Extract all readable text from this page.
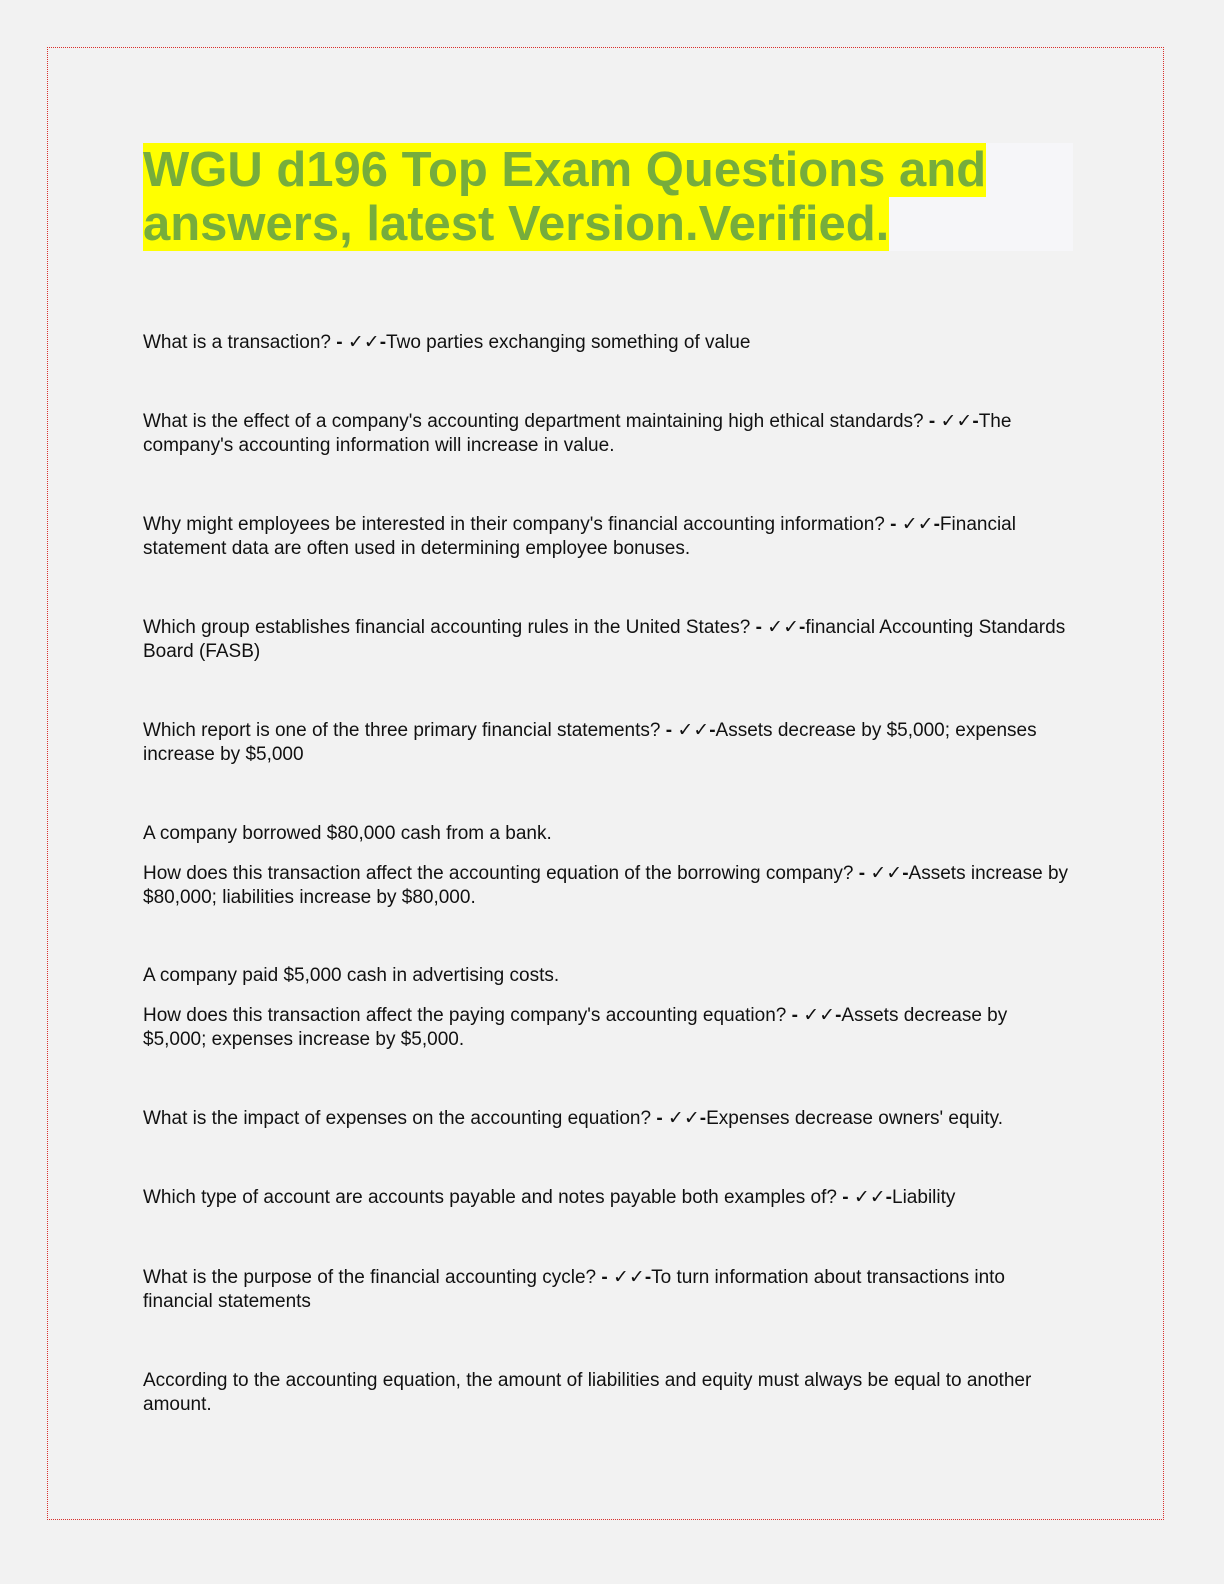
WGU d196 Top Exam Questions and
answers, latest Version.Verified.

What is a transaction? - ✓✓-Two parties exchanging something of value

What is the effect of a company's accounting department maintaining high ethical standards? - ✓✓-The company's accounting information will increase in value.

Why might employees be interested in their company's financial accounting information? - ✓✓-Financial statement data are often used in determining employee bonuses.

Which group establishes financial accounting rules in the United States? - ✓✓-financial Accounting Standards Board (FASB)

Which report is one of the three primary financial statements? - ✓✓-Assets decrease by $5,000; expenses increase by $5,000

A company borrowed $80,000 cash from a bank.

How does this transaction affect the accounting equation of the borrowing company? - ✓✓-Assets increase by $80,000; liabilities increase by $80,000.

A company paid $5,000 cash in advertising costs.

How does this transaction affect the paying company's accounting equation? - ✓✓-Assets decrease by $5,000; expenses increase by $5,000.

What is the impact of expenses on the accounting equation? - ✓✓-Expenses decrease owners' equity.

Which type of account are accounts payable and notes payable both examples of? - ✓✓-Liability

What is the purpose of the financial accounting cycle? - ✓✓-To turn information about transactions into financial statements

According to the accounting equation, the amount of liabilities and equity must always be equal to another amount.
